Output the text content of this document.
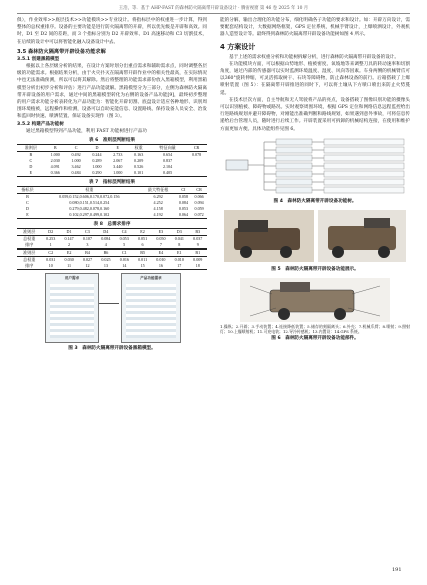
王浩，等．基于 AHP-FAST 的森林防火隔离带开辟设备设计 · 腾宙视窗 第 46 卷 2025 年 10 月

俱），作业效率>>底层技术>>功能模块>>专业设计。将指标层中的权重进一步计算，得到整体的总权重排序。设备的主要功能是进行防火隔离带的开辟，所以优先级是开辟和高效。同时，D1 至 D2 间的差距，而 3 个指标分别为 D2 开辟效率、D1 高速移动和 C3 切割技术，在后续的设计中可以将智能化融入设备设计中去。

3.5 森林防火隔离带开辟设备功能求解
3.5.1 创建黑箱模型

根据以上各层级分析的结果，在设计方案时划分出重点需求和辅助需求点，同时调整各层级的功能需求。根据结果分析，由于火灾扑灭在隔离带开辟作业中的相关性最高，在实际情况中也无法准确预测，所以可以将其解除。然后将整理的功能需求部份放入黑箱模型，利用黑箱模型分析出初步分析和评估）进行产品功能就解。黑箱模型分为三部分，左侧为森林防火隔离带开辟设备的用户需求，通过中间的黑箱模型转化为右侧的设备产品功能[9]，最终初步整理的用户需求功能分析表转化为产品功能为：智能化开辟切割、底盘设计适应各种地形、识别周围环境植被，远程操作和检测，设备可以自助充能信息、设置路线、保持设备人员安全、治发和监回时快速、喷洒装置、保证设备实现作（图 3）。

3.5.2 构建产品功能树

通过黑箱模型得到产品功能，利用 FAST 功能树进行产品功

表 6　准则层判断结果
准则层	B	C	D	E	权重	特征向量	CR
B	1.000	0.492	0.244	2.733	0.163	0.654	0.078
C	2.030	1.000	0.289	2.067	0.209	0.837	
D	4.091	3.462	1.000	3.440	0.526	2.104	
E	0.366	0.484	0.290	1.000	0.101	0.405	
表 7　指标层判断结果
指标层	权重	最大特征根	CI	CR
B	0.059,0.152,0.606,0.170,0.072,0.156	6.292	0.058	0.066
C	0.080,0.151,0.514,0.254	4.252	0.084	0.094
D	0.279,0.482,0.078,0.160	4.158	0.053	0.059
E	0.102,0.297,0.499,0.102	4.192	0.064	0.072
表 8　总需求排序
准则层	D2	D1	C3	D4	C4	E2	E3	D3	B3
总权重	0.253	0.147	0.107	0.084	0.053	0.051	0.050	0.041	0.037
排序	1	2	3	4	5	6	7	8	9
准则层	C2	E2	B4	B6	C1	B5	E4	E1	B1
总权重	0.031	0.030	0.027	0.025	0.016	0.011	0.010	0.010	0.009
排序	10	11	12	13	14	15	16	17	18
用户需求	产品功能需求
图 3　森林防火隔离带开辟设备黑箱模型。

能的分解，输出合理化的功能分布，细化明确各子功能的要求和设计。如：开辟万向设计，需要配套结构设计，大数据网络框架，GPS 定位系统，机械手臂设计，上爆喷洒设计，外观机器人造型设计等。最终得到森林防火隔离带开辟设备功能树如图 4 所示。

4 方案设计

基于上述的需求权重分析和功能树拆解分析，进行森林防火隔离带开辟设备的设计。

在功能模块方面，可以根据山势地形、植被密度、氧坡地等来调整刀具的转动速率和切割角度，通过内部的传感器可以实时监测环境温度、湿度、风向等因素。车身两侧的机械臂爪可以360°旋转伸缩，可灵活抓取树干、石块等障碍物，防止森林设备的前行。后箱搭载了上爆喷射装置（图 5）：在隔离带开辟推进的同时下，可以将土壤从下方喷口喷出来防止火势蔓延。

在技术层次方面，自主导航和无人驾驶将产品的亮点，设备搭载了图像识别功能的摄像头可以识别植被、障碍物或路况。实时观察周围环境，根据 GPS 定位和网络信息远程监控给出行进路线规划并避开障碍物，对刚能出准确判断和路线规划，如果遇到意外事故，可将信息传递给后台管理人员，随时进行后续工作。开辟装置采用可拆卸的机械结构连接，在使用和维护方面更加方便。具体功能组件见图 6。

图 4　森林防火隔离带开辟设备功能树。
图 5　森林防火隔离带开辟设备功能展示。
1.操纵；2.开辟；3.手动装置；4.连接降低装置；5.储存的刻隔离头；6.外壳；7.机械爪臂；8.喷射；9.照射灯；10.上爆喷射机；11.可充电装；12.导冷传感机；13.内置设：14.GPS 系统。
图 6　森林防火隔离带开辟设备功能部件。
191
